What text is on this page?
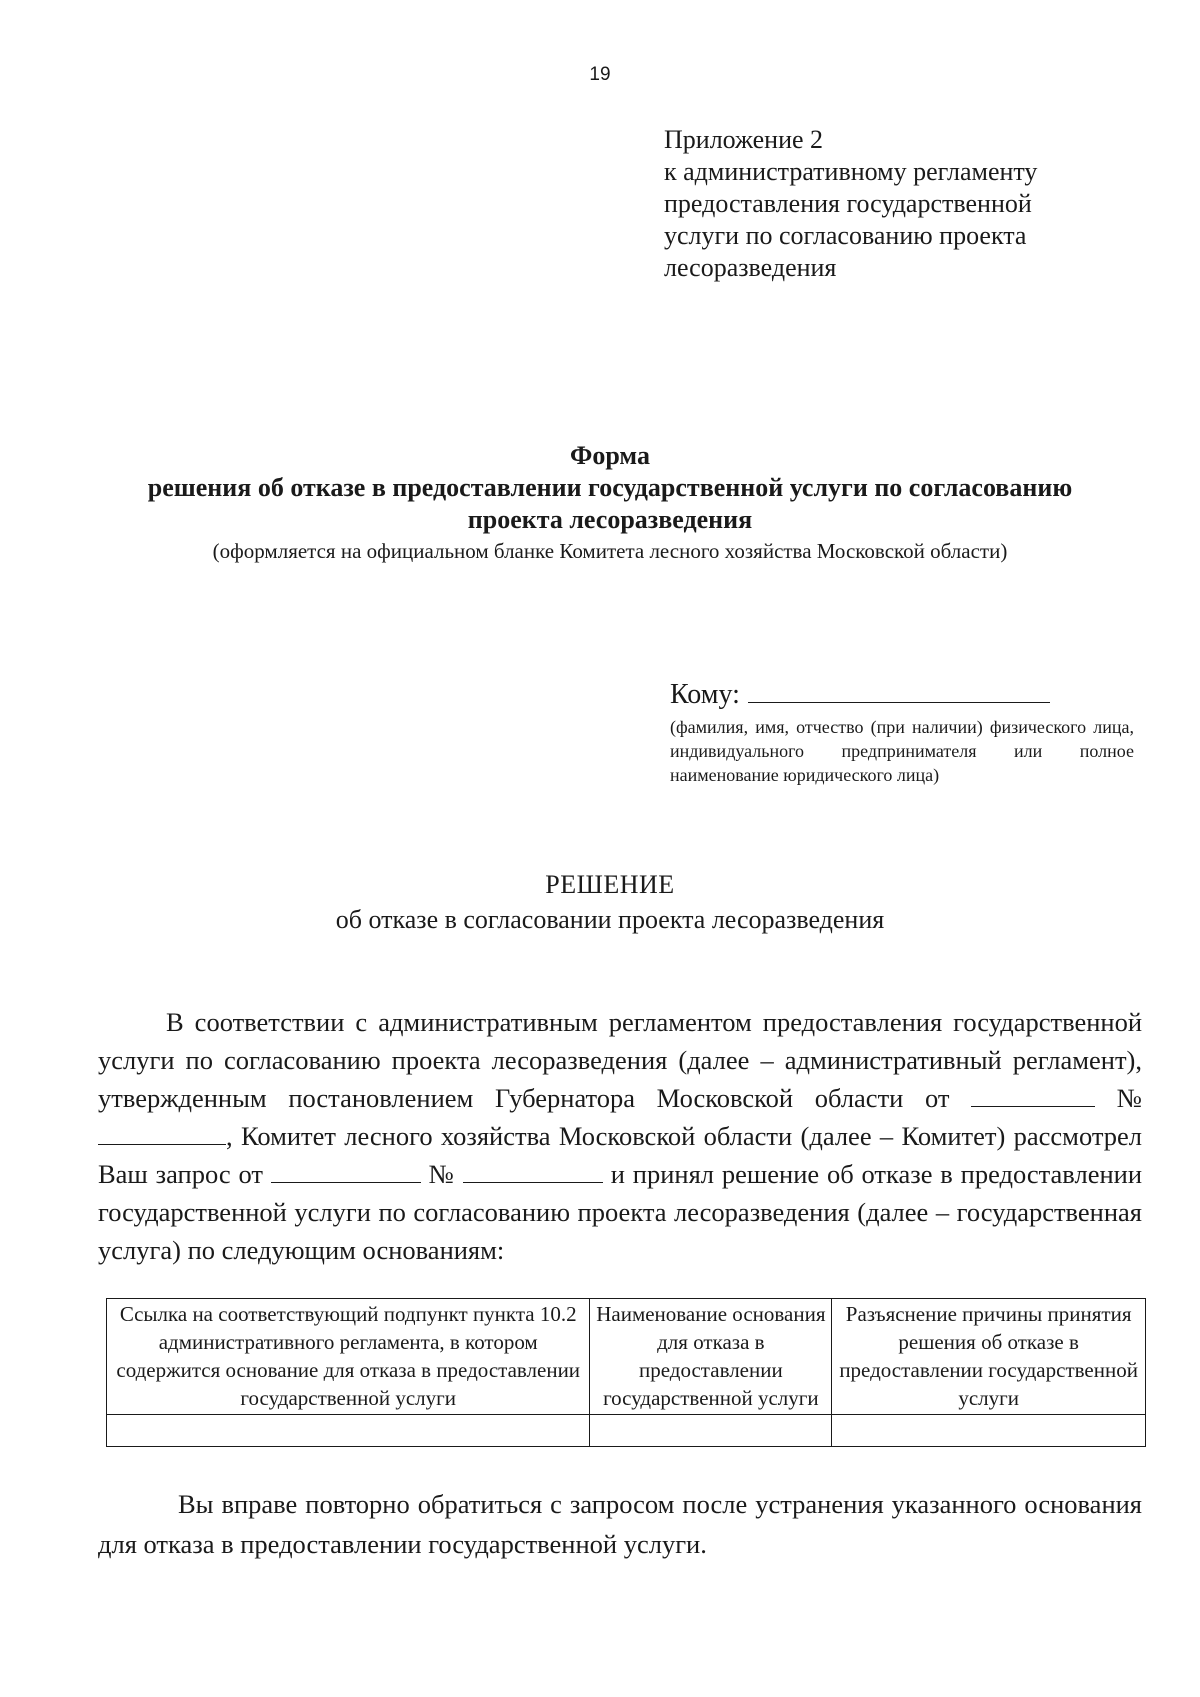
19
Приложение 2
к административному регламенту
предоставления государственной
услуги по согласованию проекта
лесоразведения
Форма
решения об отказе в предоставлении государственной услуги по согласованию
проекта лесоразведения
(оформляется на официальном бланке Комитета лесного хозяйства Московской области)
Кому:
(фамилия, имя, отчество (при наличии) физического лица, индивидуального предпринимателя или полное наименование юридического лица)
РЕШЕНИЕ
об отказе в согласовании проекта лесоразведения
В соответствии с административным регламентом предоставления государственной услуги по согласованию проекта лесоразведения (далее – административный регламент), утвержденным постановлением Губернатора Московской области от	№, Комитет лесного хозяйства Московской области (далее – Комитет) рассмотрел Ваш запрос от	№	и принял решение об отказе в предоставлении государственной услуги по согласованию проекта лесоразведения (далее – государственная услуга) по следующим основаниям:
Ссылка на соответствующий подпункт пункта 10.2 административного регламента, в котором содержится основание для отказа в предоставлении государственной услуги	Наименование основания для отказа в предоставлении государственной услуги	Разъяснение причины принятия решения об отказе в предоставлении государственной услуги

Вы вправе повторно обратиться с запросом после устранения указанного основания для отказа в предоставлении государственной услуги.
